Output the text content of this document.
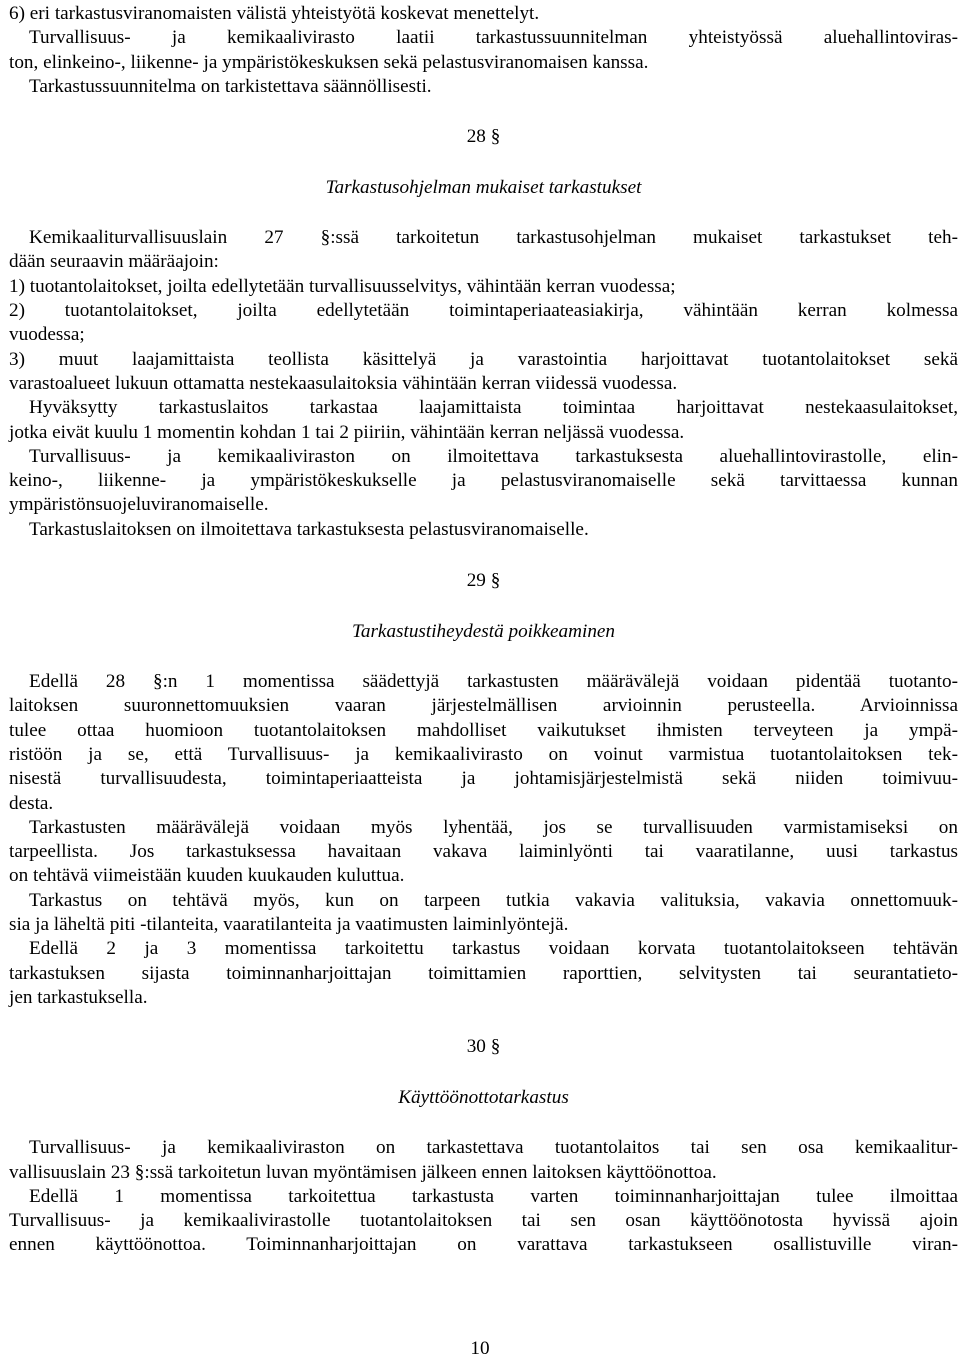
6) eri tarkastusviranomaisten välistä yhteistyötä koskevat menettelyt.
Turvallisuus- ja kemikaalivirasto laatii tarkastussuunnitelman yhteistyössä aluehallintoviras-
ton, elinkeino-, liikenne- ja ympäristökeskuksen sekä pelastusviranomaisen kanssa.
Tarkastussuunnitelma on tarkistettava säännöllisesti.
28 §
Tarkastusohjelman mukaiset tarkastukset
Kemikaaliturvallisuuslain 27 §:ssä tarkoitetun tarkastusohjelman mukaiset tarkastukset teh-
dään seuraavin määräajoin:
1) tuotantolaitokset, joilta edellytetään turvallisuusselvitys, vähintään kerran vuodessa;
2) tuotantolaitokset, joilta edellytetään toimintaperiaateasiakirja, vähintään kerran kolmessa
vuodessa;
3) muut laajamittaista teollista käsittelyä ja varastointia harjoittavat tuotantolaitokset sekä
varastoalueet lukuun ottamatta nestekaasulaitoksia vähintään kerran viidessä vuodessa.
Hyväksytty tarkastuslaitos tarkastaa laajamittaista toimintaa harjoittavat nestekaasulaitokset,
jotka eivät kuulu 1 momentin kohdan 1 tai 2 piiriin, vähintään kerran neljässä vuodessa.
Turvallisuus- ja kemikaaliviraston on ilmoitettava tarkastuksesta aluehallintovirastolle, elin-
keino-, liikenne- ja ympäristökeskukselle ja pelastusviranomaiselle sekä tarvittaessa kunnan
ympäristönsuojeluviranomaiselle.
Tarkastuslaitoksen on ilmoitettava tarkastuksesta pelastusviranomaiselle.
29 §
Tarkastustiheydestä poikkeaminen
Edellä 28 §:n 1 momentissa säädettyjä tarkastusten määrävälejä voidaan pidentää tuotanto-
laitoksen suuronnettomuuksien vaaran järjestelmällisen arvioinnin perusteella. Arvioinnissa
tulee ottaa huomioon tuotantolaitoksen mahdolliset vaikutukset ihmisten terveyteen ja ympä-
ristöön ja se, että Turvallisuus- ja kemikaalivirasto on voinut varmistua tuotantolaitoksen tek-
nisestä turvallisuudesta, toimintaperiaatteista ja johtamisjärjestelmistä sekä niiden toimivuu-
desta.
Tarkastusten määrävälejä voidaan myös lyhentää, jos se turvallisuuden varmistamiseksi on
tarpeellista. Jos tarkastuksessa havaitaan vakava laiminlyönti tai vaaratilanne, uusi tarkastus
on tehtävä viimeistään kuuden kuukauden kuluttua.
Tarkastus on tehtävä myös, kun on tarpeen tutkia vakavia valituksia, vakavia onnettomuuk-
sia ja läheltä piti -tilanteita, vaaratilanteita ja vaatimusten laiminlyöntejä.
Edellä 2 ja 3 momentissa tarkoitettu tarkastus voidaan korvata tuotantolaitokseen tehtävän
tarkastuksen sijasta toiminnanharjoittajan toimittamien raporttien, selvitysten tai seurantatieto-
jen tarkastuksella.
30 §
Käyttöönottotarkastus
Turvallisuus- ja kemikaaliviraston on tarkastettava tuotantolaitos tai sen osa kemikaalitur-
vallisuuslain 23 §:ssä tarkoitetun luvan myöntämisen jälkeen ennen laitoksen käyttöönottoa.
Edellä 1 momentissa tarkoitettua tarkastusta varten toiminnanharjoittajan tulee ilmoittaa
Turvallisuus- ja kemikaalivirastolle tuotantolaitoksen tai sen osan käyttöönotosta hyvissä ajoin
ennen käyttöönottoa. Toiminnanharjoittajan on varattava tarkastukseen osallistuville viran-
10
